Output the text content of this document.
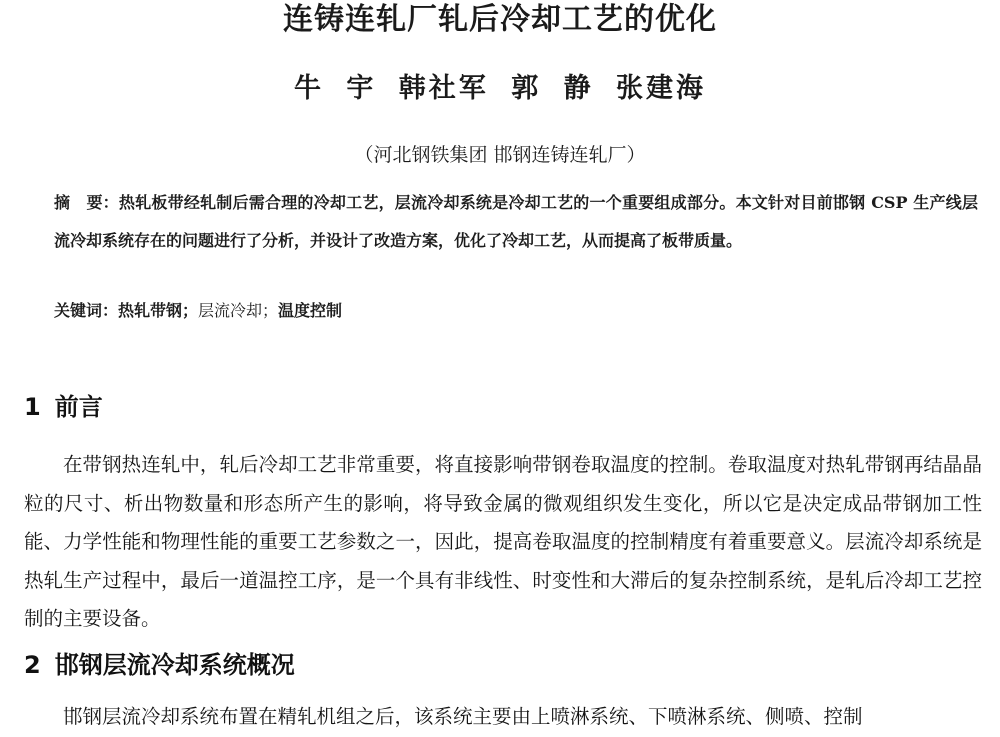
连铸连轧厂轧后冷却工艺的优化

牛 宇 韩社军 郭 静 张建海

（河北钢铁集团 邯钢连铸连轧厂）

摘　要：热轧板带经轧制后需合理的冷却工艺，层流冷却系统是冷却工艺的一个重要组成部分。本文针对目前邯钢 CSP 生产线层流冷却系统存在的问题进行了分析，并设计了改造方案，优化了冷却工艺，从而提高了板带质量。

关键词：热轧带钢；层流冷却；温度控制

1 前言

在带钢热连轧中，轧后冷却工艺非常重要，将直接影响带钢卷取温度的控制。卷取温度对热轧带钢再结晶晶粒的尺寸、析出物数量和形态所产生的影响，将导致金属的微观组织发生变化，所以它是决定成品带钢加工性能、力学性能和物理性能的重要工艺参数之一，因此，提高卷取温度的控制精度有着重要意义。层流冷却系统是热轧生产过程中，最后一道温控工序，是一个具有非线性、时变性和大滞后的复杂控制系统，是轧后冷却工艺控制的主要设备。

2 邯钢层流冷却系统概况

邯钢层流冷却系统布置在精轧机组之后，该系统主要由上喷淋系统、下喷淋系统、侧喷、控制
